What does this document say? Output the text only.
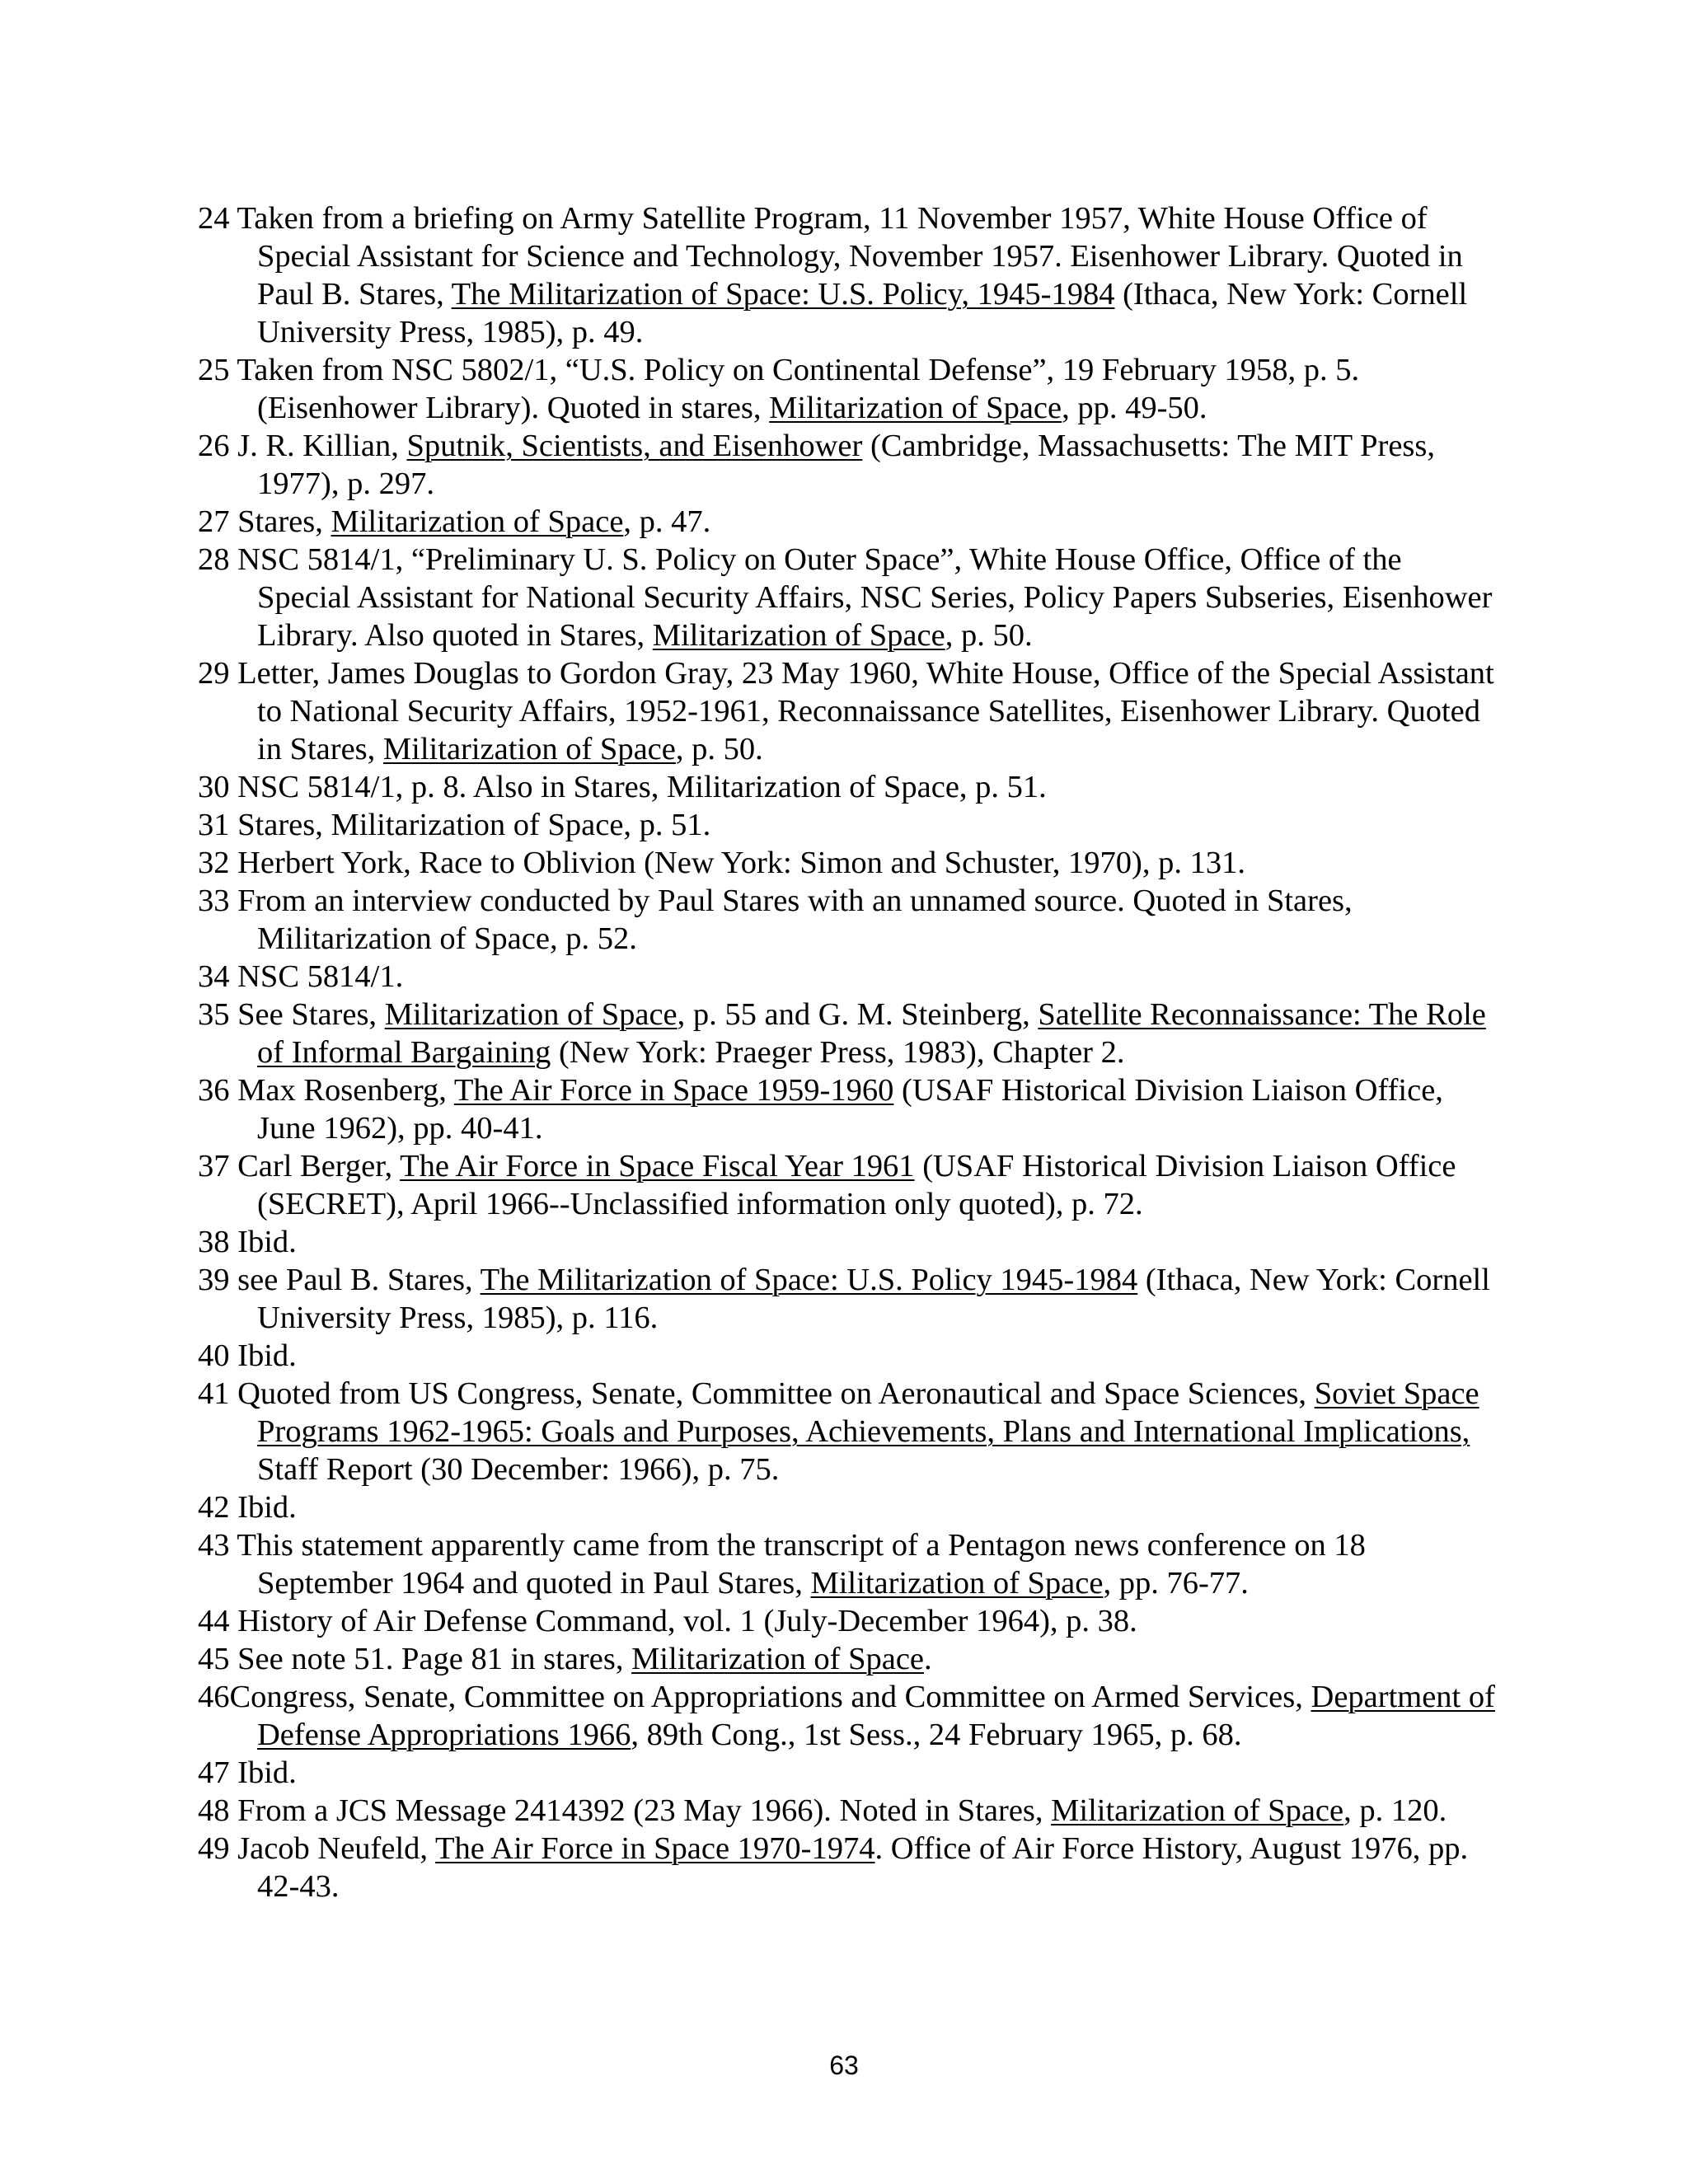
24 Taken from a briefing on Army Satellite Program, 11 November 1957, White House Office of Special Assistant for Science and Technology, November 1957. Eisenhower Library. Quoted in Paul B. Stares, The Militarization of Space: U.S. Policy, 1945-1984 (Ithaca, New York: Cornell University Press, 1985), p. 49.
25 Taken from NSC 5802/1, “U.S. Policy on Continental Defense”, 19 February 1958, p. 5. (Eisenhower Library). Quoted in stares, Militarization of Space, pp. 49-50.
26 J. R. Killian, Sputnik, Scientists, and Eisenhower (Cambridge, Massachusetts: The MIT Press, 1977), p. 297.
27 Stares, Militarization of Space, p. 47.
28 NSC 5814/1, “Preliminary U. S. Policy on Outer Space”, White House Office, Office of the Special Assistant for National Security Affairs, NSC Series, Policy Papers Subseries, Eisenhower Library. Also quoted in Stares, Militarization of Space, p. 50.
29 Letter, James Douglas to Gordon Gray, 23 May 1960, White House, Office of the Special Assistant to National Security Affairs, 1952-1961, Reconnaissance Satellites, Eisenhower Library. Quoted in Stares, Militarization of Space, p. 50.
30 NSC 5814/1, p. 8. Also in Stares, Militarization of Space, p. 51.
31 Stares, Militarization of Space, p. 51.
32 Herbert York, Race to Oblivion (New York: Simon and Schuster, 1970), p. 131.
33 From an interview conducted by Paul Stares with an unnamed source. Quoted in Stares, Militarization of Space, p. 52.
34 NSC 5814/1.
35 See Stares, Militarization of Space, p. 55 and G. M. Steinberg, Satellite Reconnaissance: The Role of Informal Bargaining (New York: Praeger Press, 1983), Chapter 2.
36 Max Rosenberg, The Air Force in Space 1959-1960 (USAF Historical Division Liaison Office, June 1962), pp. 40-41.
37 Carl Berger, The Air Force in Space Fiscal Year 1961 (USAF Historical Division Liaison Office (SECRET), April 1966--Unclassified information only quoted), p. 72.
38 Ibid.
39 see Paul B. Stares, The Militarization of Space: U.S. Policy 1945-1984 (Ithaca, New York: Cornell University Press, 1985), p. 116.
40 Ibid.
41 Quoted from US Congress, Senate, Committee on Aeronautical and Space Sciences, Soviet Space Programs 1962-1965: Goals and Purposes, Achievements, Plans and International Implications, Staff Report (30 December: 1966), p. 75.
42 Ibid.
43 This statement apparently came from the transcript of a Pentagon news conference on 18 September 1964 and quoted in Paul Stares, Militarization of Space, pp. 76-77.
44 History of Air Defense Command, vol. 1 (July-December 1964), p. 38.
45 See note 51. Page 81 in stares, Militarization of Space.
46Congress, Senate, Committee on Appropriations and Committee on Armed Services, Department of Defense Appropriations 1966, 89th Cong., 1st Sess., 24 February 1965, p. 68.
47 Ibid.
48 From a JCS Message 2414392 (23 May 1966). Noted in Stares, Militarization of Space, p. 120.
49 Jacob Neufeld, The Air Force in Space 1970-1974. Office of Air Force History, August 1976, pp. 42-43.
63
